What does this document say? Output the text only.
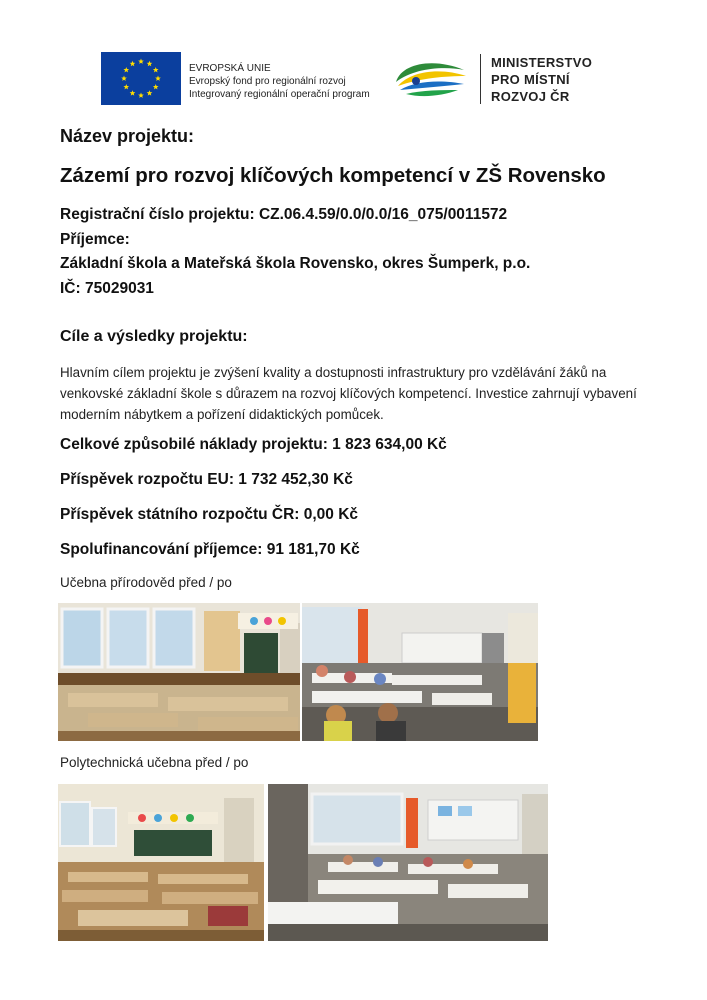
EVROPSKÁ UNIE
Evropský fond pro regionální rozvoj
Integrovaný regionální operační program
MINISTERSTVO
PRO MÍSTNÍ
ROZVOJ ČR
Název projektu:
Zázemí pro rozvoj klíčových kompetencí v ZŠ Rovensko
Registrační číslo projektu: CZ.06.4.59/0.0/0.0/16_075/0011572
Příjemce:
Základní škola a Mateřská škola Rovensko, okres Šumperk, p.o.
IČ: 75029031
Cíle a výsledky projektu:
Hlavním cílem projektu je zvýšení kvality a dostupnosti infrastruktury pro vzdělávání žáků na venkovské základní škole s důrazem na rozvoj klíčových kompetencí. Investice zahrnují vybavení moderním nábytkem a pořízení didaktických pomůcek.
Celkové způsobilé náklady projektu: 1 823 634,00 Kč
Příspěvek rozpočtu EU: 1 732 452,30 Kč
Příspěvek státního rozpočtu ČR: 0,00 Kč
Spolufinancování příjemce: 91 181,70 Kč
Učebna přírodověd před / po
Polytechnická učebna před / po
